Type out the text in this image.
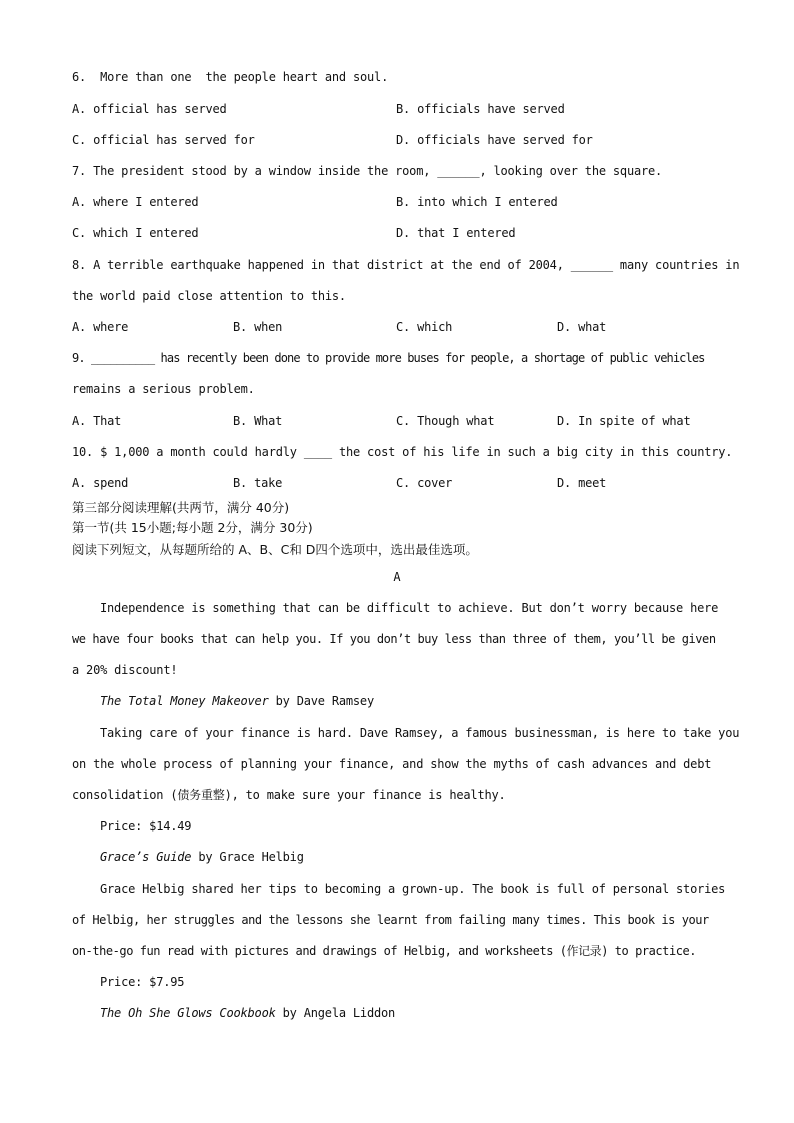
6.  More than one  the people heart and soul.
A. official has served	B. officials have served
C. official has served for	D. officials have served for
7. The president stood by a window inside the room, ______, looking over the square.
A. where I entered	B. into which I entered
C. which I entered	D. that I entered
8. A terrible earthquake happened in that district at the end of 2004, ______ many countries in
the world paid close attention to this.
A. where	B. when	C. which	D. what
9. __________ has recently been done to provide more buses for people, a shortage of public vehicles
remains a serious problem.
A. That	B. What	C. Though what	D. In spite of what
10. $ 1,000 a month could hardly ____ the cost of his life in such a big city in this country.
A. spend	B. take	C. cover	D. meet
第三部分阅读理解(共两节，满分 40分)
第一节(共 15小题;每小题 2分，满分 30分)
阅读下列短文，从每题所给的 A、B、C和 D四个选项中，选出最佳选项。
A
Independence is something that can be difficult to achieve. But don’t worry because here
we have four books that can help you. If you don’t buy less than three of them, you’ll be given
a 20% discount!
The Total Money Makeover by Dave Ramsey
Taking care of your finance is hard. Dave Ramsey, a famous businessman, is here to take you
on the whole process of planning your finance, and show the myths of cash advances and debt
consolidation (债务重整), to make sure your finance is healthy.
Price: $14.49
Grace’s Guide by Grace Helbig
Grace Helbig shared her tips to becoming a grown-up. The book is full of personal stories
of Helbig, her struggles and the lessons she learnt from failing many times. This book is your
on-the-go fun read with pictures and drawings of Helbig, and worksheets (作记录) to practice.
Price: $7.95
The Oh She Glows Cookbook by Angela Liddon
